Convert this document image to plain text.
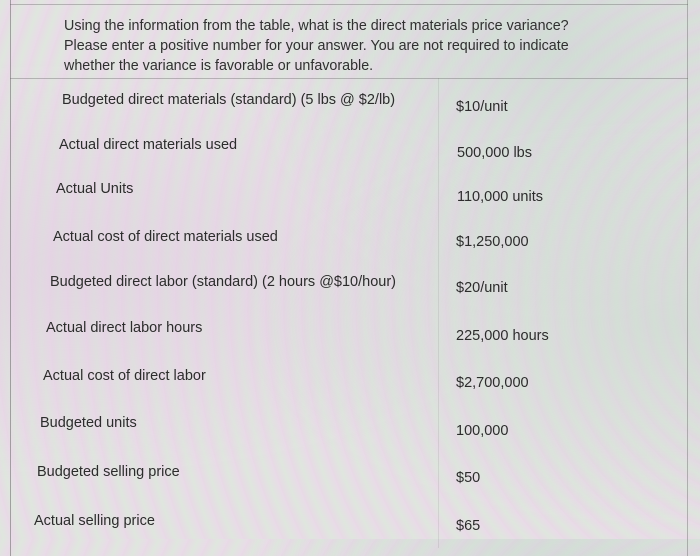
Using the information from the table, what is the direct materials price variance?

Please enter a positive number for your answer. You are not required to indicate

whether the variance is favorable or unfavorable.

Budgeted direct materials (standard) (5 lbs @ $2/lb)	$10/unit
Actual direct materials used	500,000 lbs
Actual Units	110,000 units
Actual cost of direct materials used	$1,250,000
Budgeted direct labor (standard) (2 hours @$10/hour)	$20/unit
Actual direct labor hours	225,000 hours
Actual cost of direct labor	$2,700,000
Budgeted units	100,000
Budgeted selling price	$50
Actual selling price	$65
